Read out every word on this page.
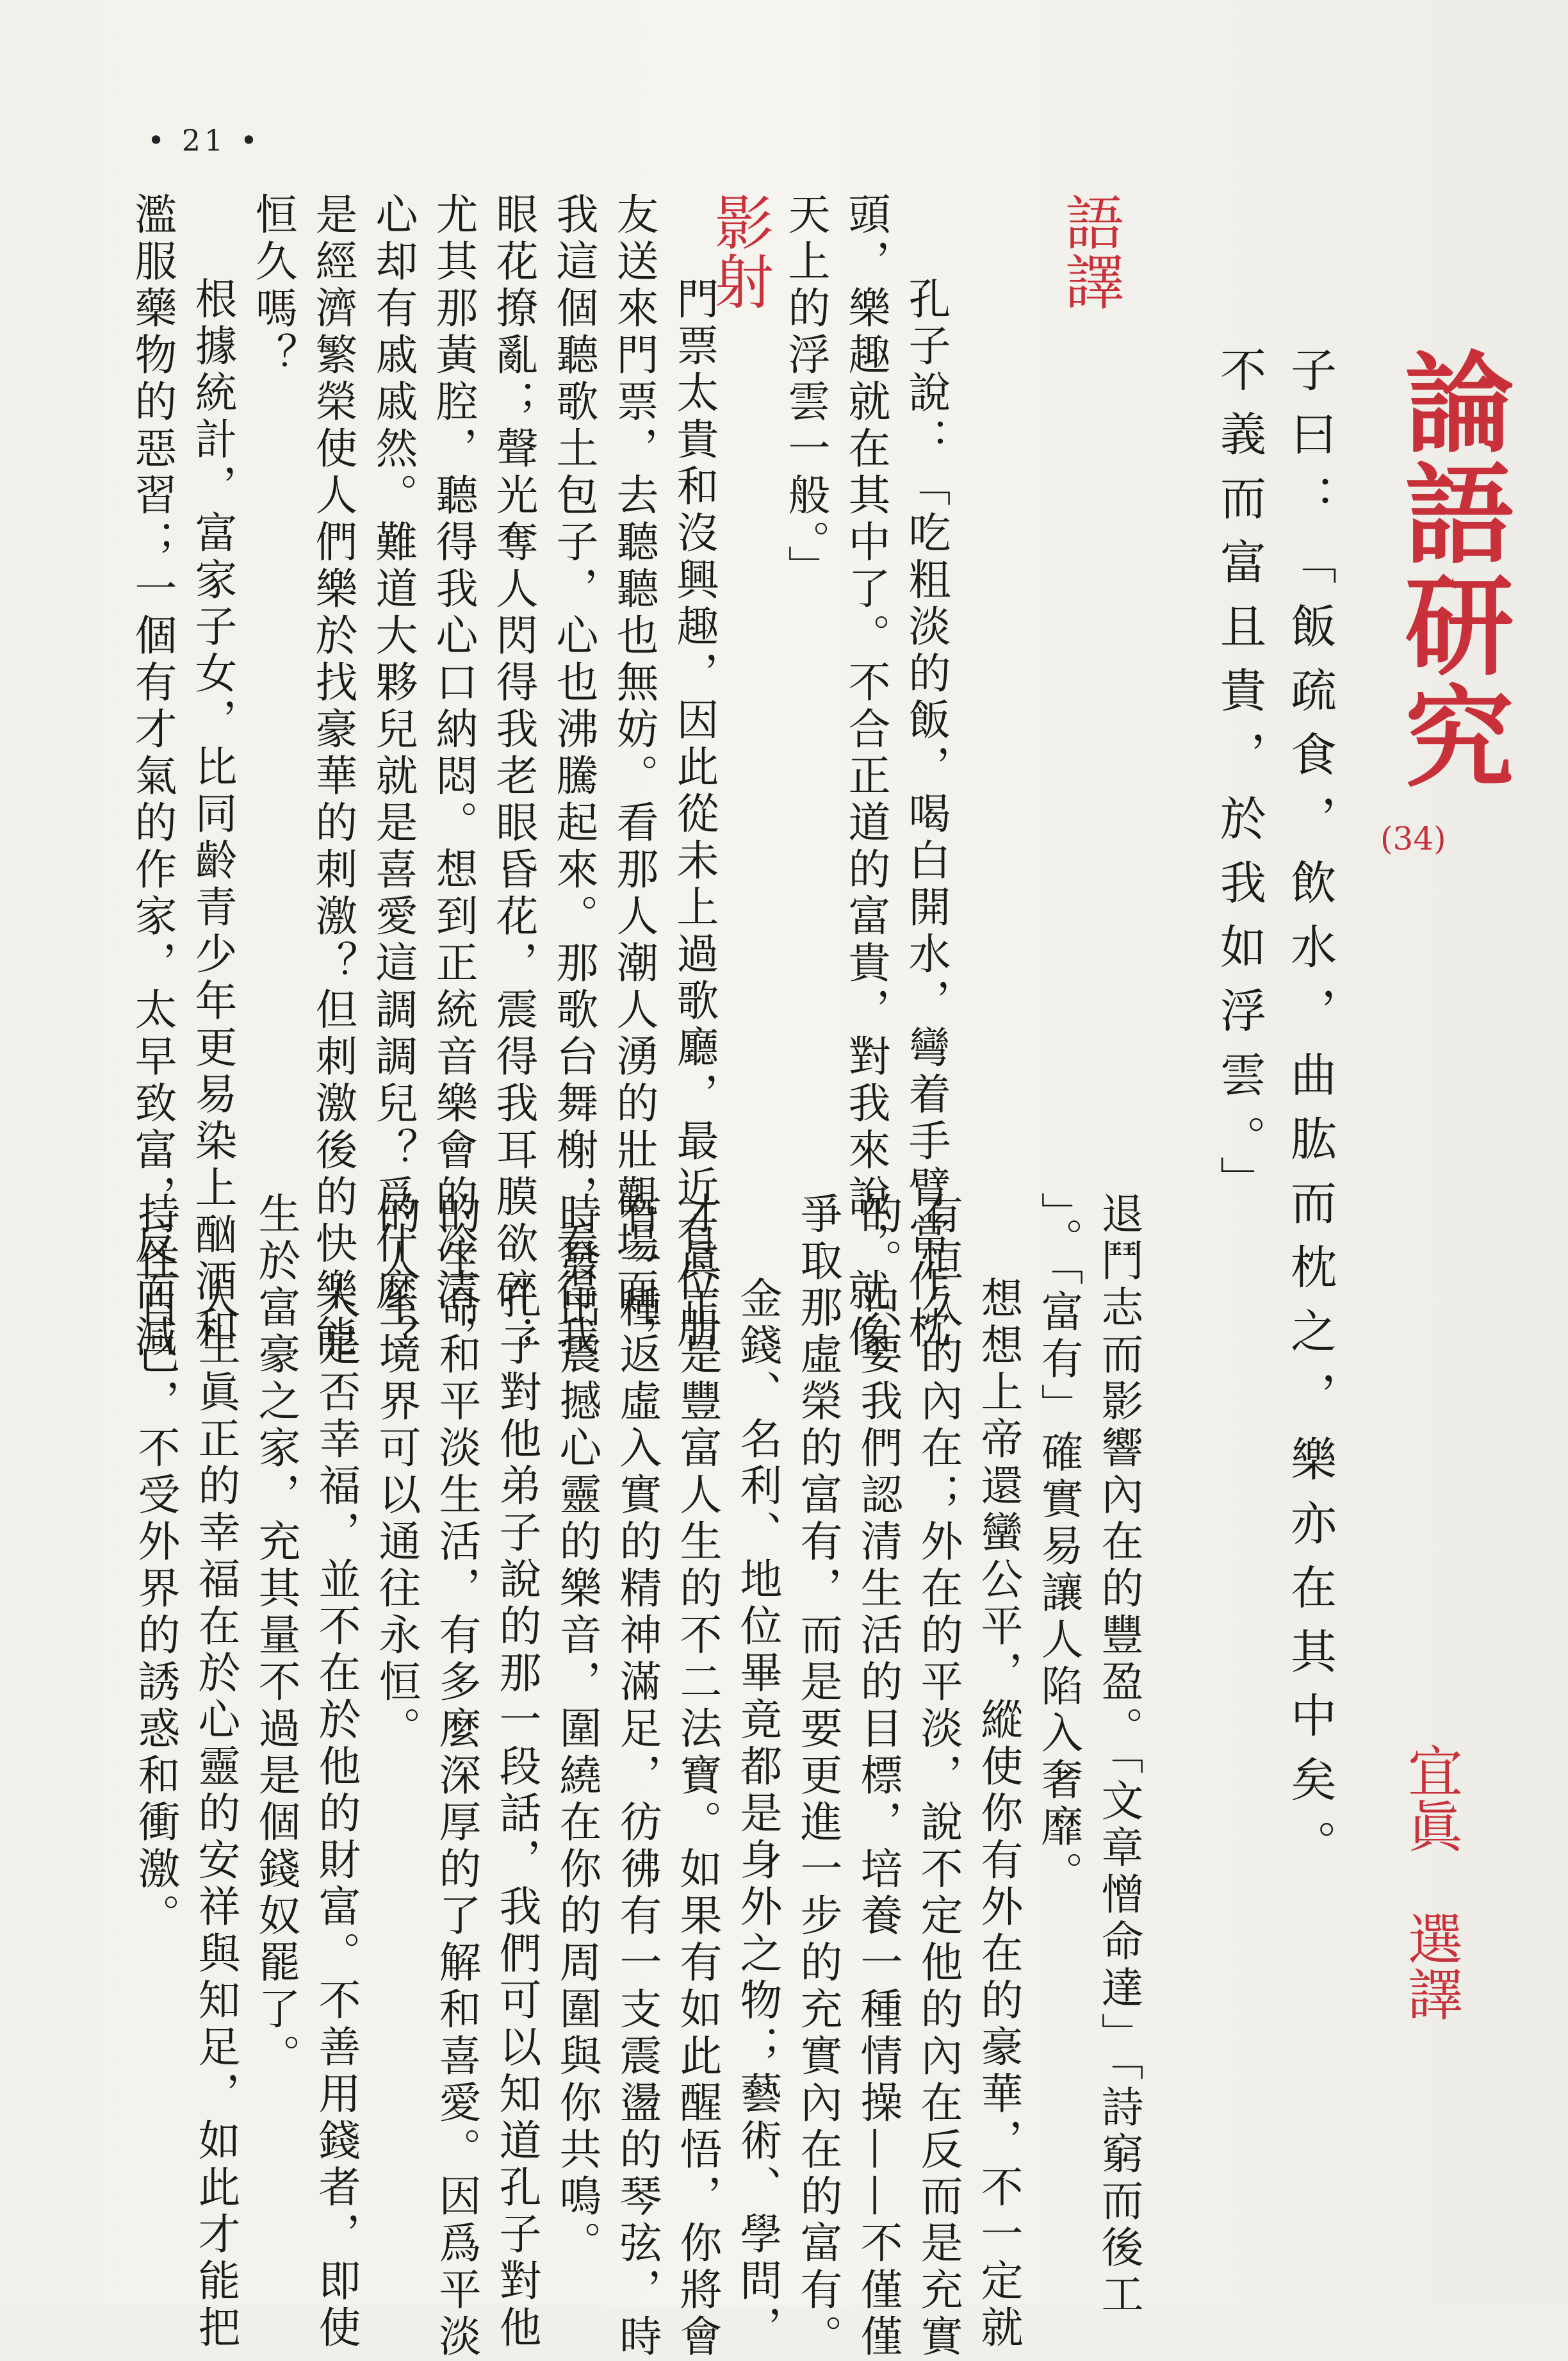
• 21 •
論語研究
(34)
宜眞選譯
子曰：「飯疏食，飲水，曲肱而枕之，樂亦在其中矣。
不義而富且貴，於我如浮雲。」
語譯
孔子說：「吃粗淡的飯，喝白開水，彎着手臂當作枕
頭，樂趣就在其中了。不合正道的富貴，對我來說，就像
天上的浮雲一般。」
影射
門票太貴和沒興趣，因此從未上過歌廳，最近有位朋
友送來門票，去聽聽也無妨。看那人潮人湧的壯觀場面，
我這個聽歌土包子，心也沸騰起來。那歌台舞榭，看得我
眼花撩亂；聲光奪人閃得我老眼昏花，震得我耳膜欲碎；
尤其那黃腔，聽得我心口納悶。想到正統音樂會的冷清，
心却有戚戚然。難道大夥兒就是喜愛這調調兒？爲什麼？
是經濟繁榮使人們樂於找豪華的刺激？但刺激後的快樂能
恒久嗎？
根據統計，富家子女，比同齡青少年更易染上酗酒和
濫服藥物的惡習；一個有才氣的作家，太早致富，反而減
退鬥志而影響內在的豐盈。「文章憎命達」「詩窮而後工
」。「富有」確實易讓人陷入奢靡。
想想上帝還蠻公平，縱使你有外在的豪華，不一定就
有恒久的內在；外在的平淡，說不定他的內在反而是充實
的。只要我們認清生活的目標，培養一種情操——不僅僅
爭取那虛榮的富有，而是要更進一步的充實內在的富有。
金錢、名利、地位畢竟都是身外之物；藝術、學問，
才眞正是豐富人生的不二法寶。如果有如此醒悟，你將會
有一種返虛入實的精神滿足，彷彿有一支震盪的琴弦，時
時發出震撼心靈的樂音，圍繞在你的周圍與你共鳴。
孔子對他弟子說的那一段話，我們可以知道孔子對他
的生命和平淡生活，有多麼深厚的了解和喜愛。因爲平淡
的人生境界可以通往永恒。
人是否幸福，並不在於他的財富。不善用錢者，即使
生於富豪之家，充其量不過是個錢奴罷了。
人生眞正的幸福在於心靈的安祥與知足，如此才能把
持住自己，不受外界的誘惑和衝激。
